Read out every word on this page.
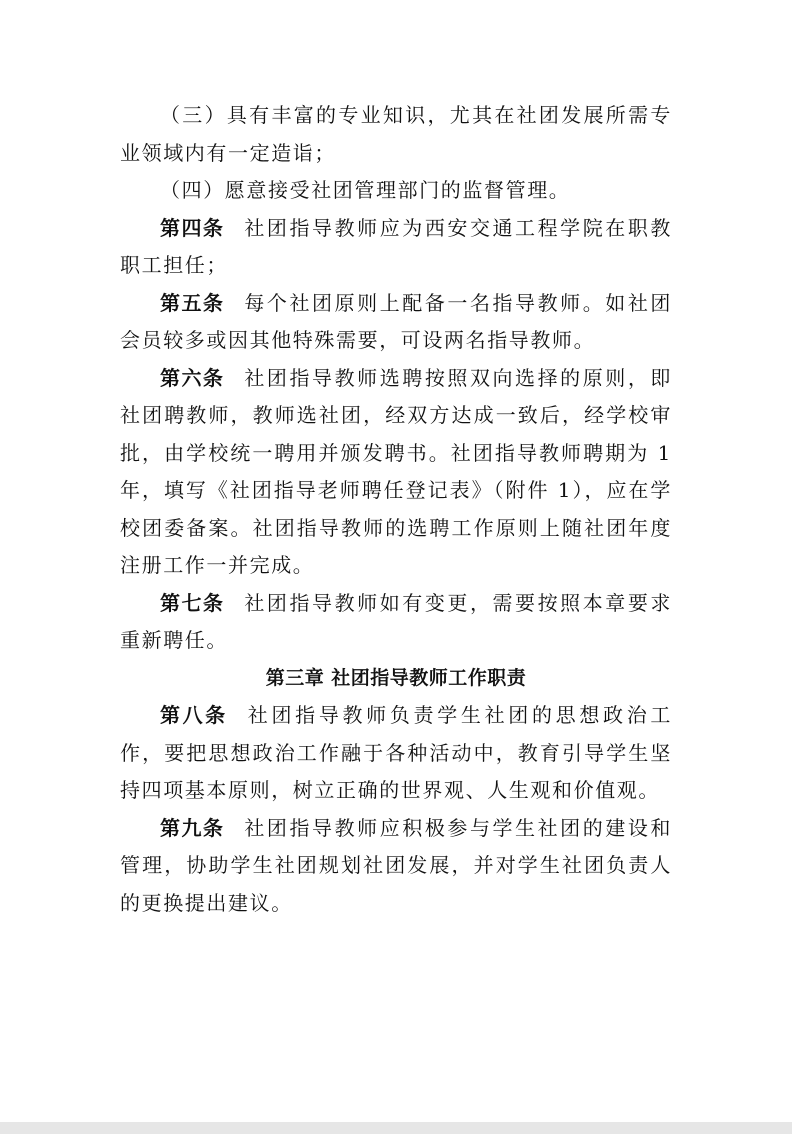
（三）具有丰富的专业知识，尤其在社团发展所需专业领域内有一定造诣；

（四）愿意接受社团管理部门的监督管理。

第四条 社团指导教师应为西安交通工程学院在职教职工担任；

第五条 每个社团原则上配备一名指导教师。如社团会员较多或因其他特殊需要，可设两名指导教师。

第六条 社团指导教师选聘按照双向选择的原则，即社团聘教师，教师选社团，经双方达成一致后，经学校审批，由学校统一聘用并颁发聘书。社团指导教师聘期为 1 年，填写《社团指导老师聘任登记表》（附件 1），应在学校团委备案。社团指导教师的选聘工作原则上随社团年度注册工作一并完成。

第七条 社团指导教师如有变更，需要按照本章要求重新聘任。

第三章 社团指导教师工作职责

第八条 社团指导教师负责学生社团的思想政治工作，要把思想政治工作融于各种活动中，教育引导学生坚持四项基本原则，树立正确的世界观、人生观和价值观。

第九条 社团指导教师应积极参与学生社团的建设和管理，协助学生社团规划社团发展，并对学生社团负责人的更换提出建议。
